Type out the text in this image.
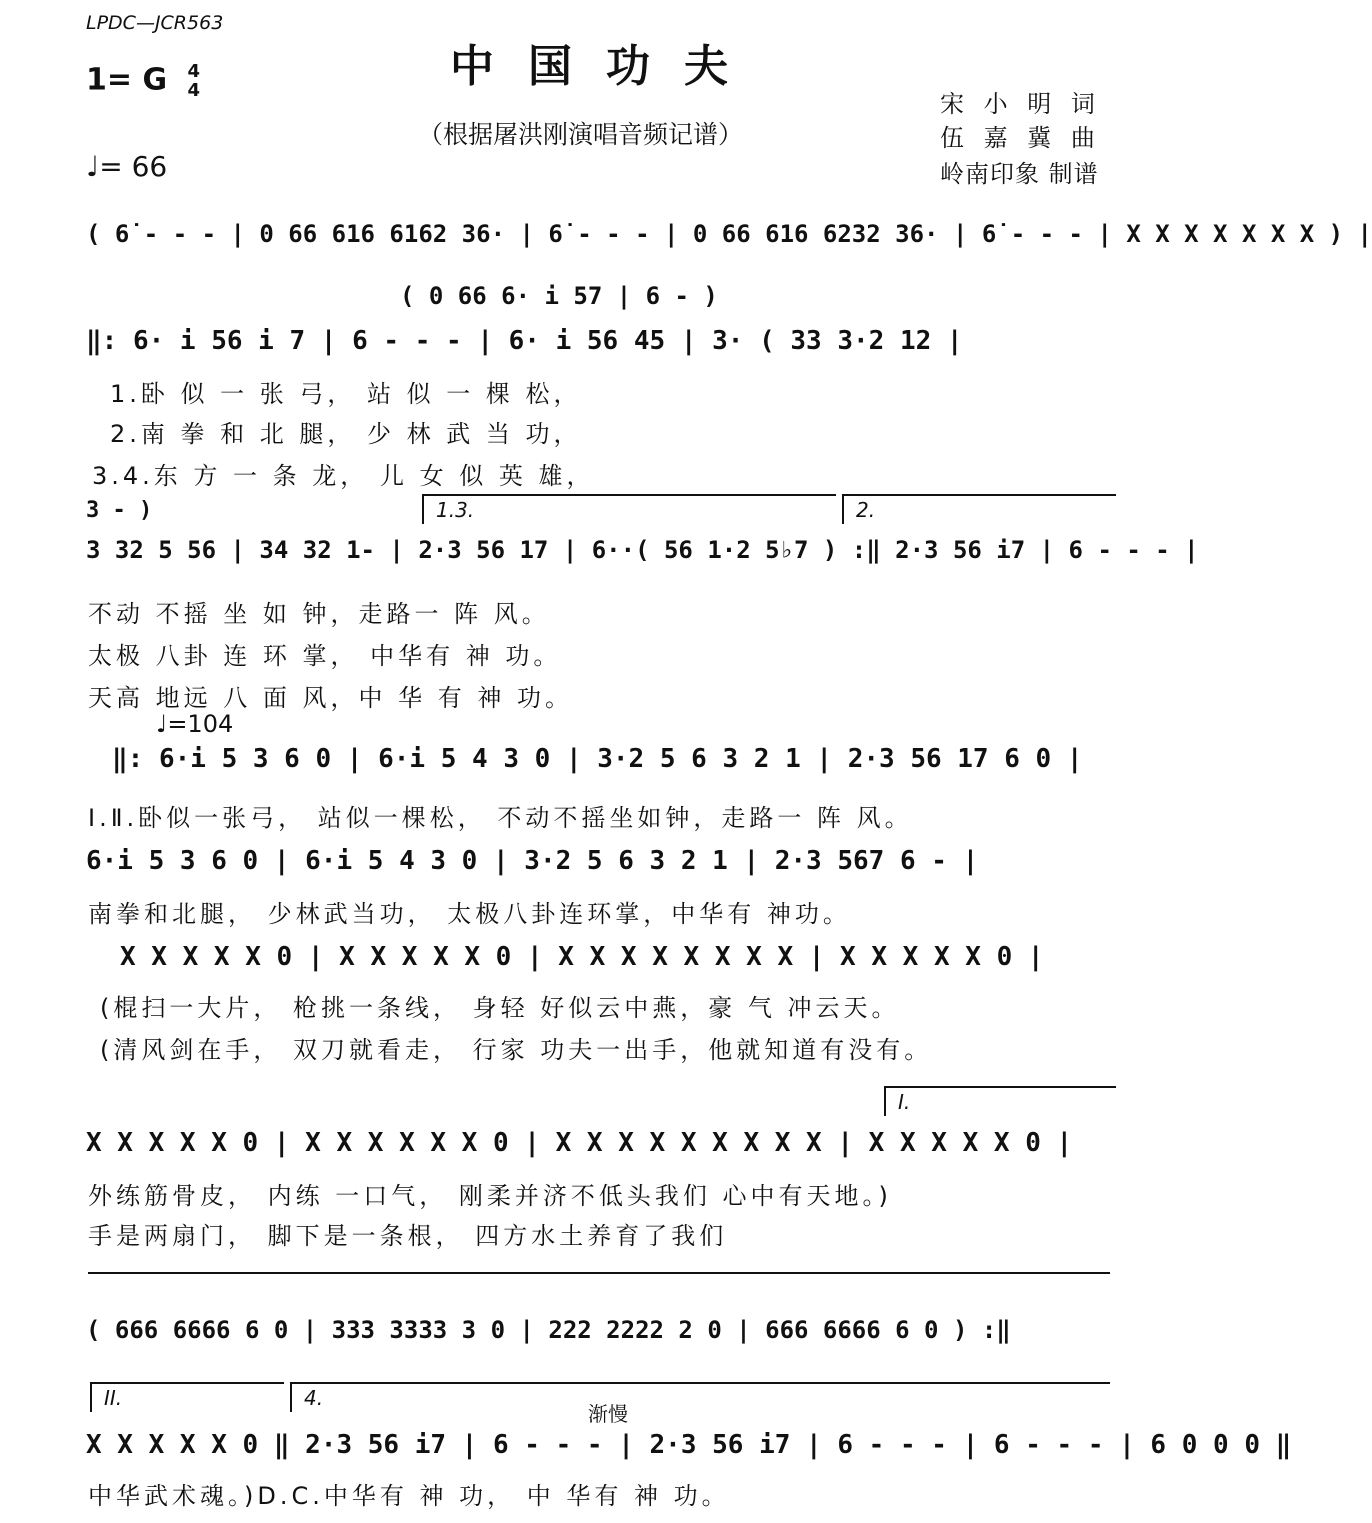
LPDC—JCR563
1= G 4
4	中国功夫
（根据屠洪刚演唱音频记谱）
宋 小 明 词
伍 嘉 冀 曲
岭南印象 制谱
♩= 66
( 6̇ - - - | 0 66 616 6162 36· | 6̇ - - - | 0 66 616 6232 36· | 6̇ - - - | X X X X X X X ) |
( 0 66 6· i 57 | 6 - )
‖: 6· i 56 i 7 | 6 - - - | 6· i 56 45 | 3· ( 33 3·2 12 |
1.卧 似 一 张 弓， 站 似 一 棵 松，
2.南 拳 和 北 腿， 少 林 武 当 功，
3.4.东 方 一 条 龙， 儿 女 似 英 雄，
1.3.	2.
3 - )
3 32 5 56 | 34 32 1- | 2·3 56 17 | 6··( 56 1·2 5♭7 ) :‖ 2·3 56 i7 | 6 - - - |
不动 不摇 坐 如 钟，走路一 阵 风。
太极 八卦 连 环 掌， 中华有 神 功。
天高 地远 八 面 风，中 华 有 神 功。
♩=104
‖: 6·i 5 3 6 0 | 6·i 5 4 3 0 | 3·2 5 6 3 2 1 | 2·3 56 17 6 0 |
Ⅰ.Ⅱ.卧似一张弓， 站似一棵松， 不动不摇坐如钟，走路一 阵 风。
6·i 5 3 6 0 | 6·i 5 4 3 0 | 3·2 5 6 3 2 1 | 2·3 567 6 - |
南拳和北腿， 少林武当功， 太极八卦连环掌，中华有 神功。
X X X X X 0 | X X X X X 0 | X X X X X X X X | X X X X X 0 |
(棍扫一大片， 枪挑一条线， 身轻 好似云中燕，豪 气 冲云天。
(清风剑在手， 双刀就看走， 行家 功夫一出手，他就知道有没有。
I.
X X X X X 0 | X X X X X X 0 | X X X X X X X X X | X X X X X 0 |
外练筋骨皮， 内练 一口气， 刚柔并济不低头我们 心中有天地。)
手是两扇门， 脚下是一条根， 四方水土养育了我们
( 666 6666 6 0 | 333 3333 3 0 | 222 2222 2 0 | 666 6666 6 0 ) :‖
II.	4.
渐慢
X X X X X 0 ‖ 2·3 56 i7 | 6 - - - | 2·3 56 i7 | 6 - - - | 6 - - - | 6 0 0 0 ‖
中华武术魂。)D.C.中华有 神 功， 中 华有 神 功。
